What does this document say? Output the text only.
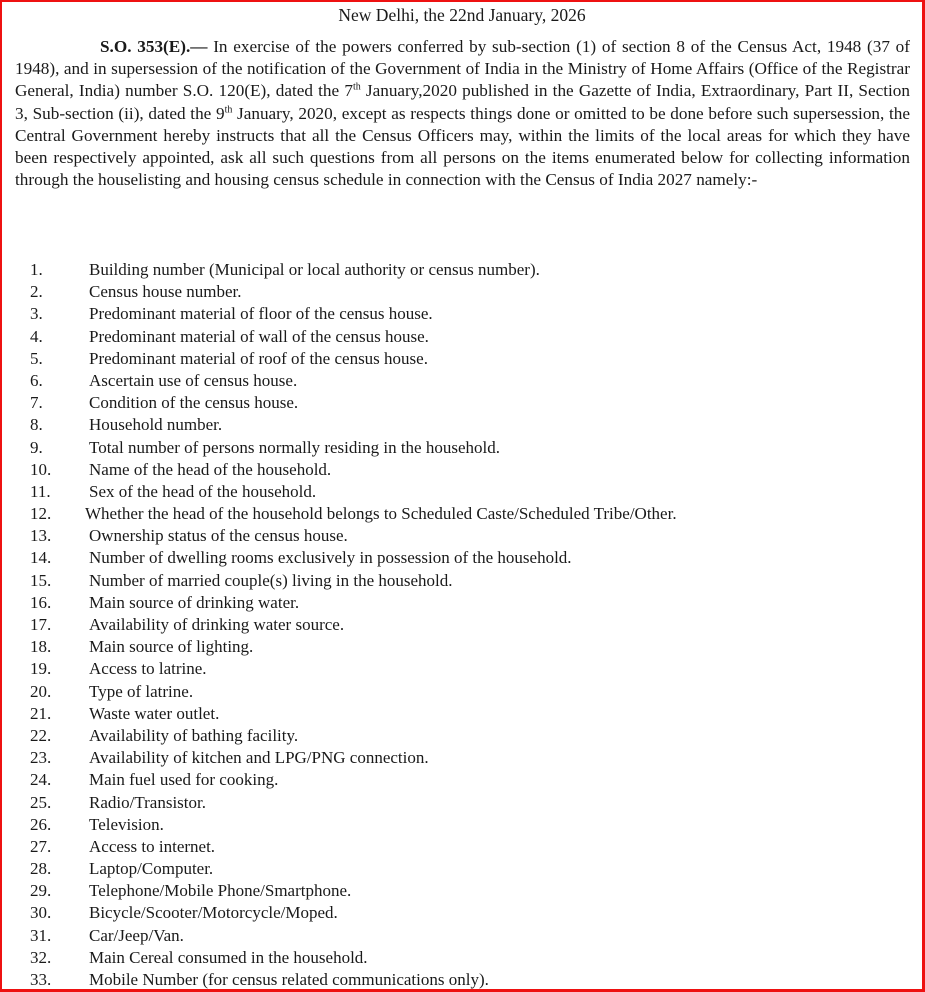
New Delhi, the 22nd January, 2026

S.O. 353(E).— In exercise of the powers conferred by sub-section (1) of section 8 of the Census Act, 1948 (37 of 1948), and in supersession of the notification of the Government of India in the Ministry of Home Affairs (Office of the Registrar General, India) number S.O. 120(E), dated the 7th January,2020 published in the Gazette of India, Extraordinary, Part II, Section 3, Sub-section (ii), dated the 9th January, 2020, except as respects things done or omitted to be done before such supersession, the Central Government hereby instructs that all the Census Officers may, within the limits of the local areas for which they have been respectively appointed, ask all such questions from all persons on the items enumerated below for collecting information through the houselisting and housing census schedule in connection with the Census of India 2027 namely:-

1.	Building number (Municipal or local authority or census number).
2.	Census house number.
3.	Predominant material of floor of the census house.
4.	Predominant material of wall of the census house.
5.	Predominant material of roof of the census house.
6.	Ascertain use of census house.
7.	Condition of the census house.
8.	Household number.
9.	Total number of persons normally residing in the household.
10. Name of the head of the household.
11. Sex of the head of the household.
12. Whether the head of the household belongs to Scheduled Caste/Scheduled Tribe/Other.
13. Ownership status of the census house.
14. Number of dwelling rooms exclusively in possession of the household.
15. Number of married couple(s) living in the household.
16. Main source of drinking water.
17. Availability of drinking water source.
18. Main source of lighting.
19. Access to latrine.
20. Type of latrine.
21. Waste water outlet.
22. Availability of bathing facility.
23. Availability of kitchen and LPG/PNG connection.
24. Main fuel used for cooking.
25. Radio/Transistor.
26. Television.
27. Access to internet.
28. Laptop/Computer.
29. Telephone/Mobile Phone/Smartphone.
30. Bicycle/Scooter/Motorcycle/Moped.
31. Car/Jeep/Van.
32. Main Cereal consumed in the household.
33. Mobile Number (for census related communications only).
